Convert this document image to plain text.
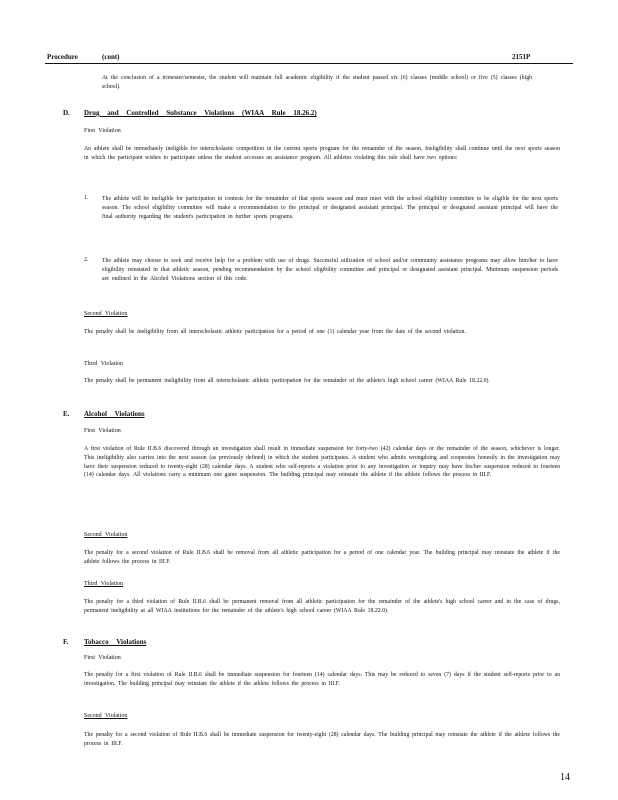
Procedure	(cont)	2151P

At the conclusion of a trimester/semester, the student will maintain full academic eligibility if the student passed six (6) classes (middle school) or five (5) classes (high school).

D. Drug and Controlled Substance Violations (WIAA Rule 18.26.2)
First Violation

An athlete shall be immediately ineligible for interscholastic competition in the current sports program for the remainder of the season. Ineligibility shall continue until the next sports season in which the participant wishes to participate unless the student accesses an assistance program. All athletes violating this rule shall have two options:

1. The athlete will be ineligible for participation in contests for the remainder of that sports season and must meet with the school eligibility committee to be eligible for the next sports season. The school eligibility committee will make a recommendation to the principal or designated assistant principal. The principal or designated assistant principal will have the final authority regarding the student's participation in further sports programs.

2. The athlete may choose to seek and receive help for a problem with use of drugs. Successful utilization of school and/or community assistance programs may allow him/her to have eligibility reinstated in that athletic season, pending recommendation by the school eligibility committee and principal or designated assistant principal. Minimum suspension periods are outlined in the Alcohol Violations section of this code.

Second Violation

The penalty shall be ineligibility from all interscholastic athletic participation for a period of one (1) calendar year from the date of the second violation.

Third Violation

The penalty shall be permanent ineligibility from all interscholastic athletic participation for the remainder of the athlete's high school career (WIAA Rule 18.22.0).

E. Alcohol Violations
First Violation

A first violation of Rule II.B.6 discovered through an investigation shall result in immediate suspension for forty-two (42) calendar days or the remainder of the season, whichever is longer. This ineligibility also carries into the next season (as previously defined) in which the student participates. A student who admits wrongdoing and cooperates honestly in the investigation may have their suspension reduced to twenty-eight (28) calendar days. A student who self-reports a violation prior to any investigation or inquiry may have his/her suspension reduced to fourteen (14) calendar days. All violations carry a minimum one game suspension. The building principal may reinstate the athlete if the athlete follows the process in III.F.

Second Violation

The penalty for a second violation of Rule II.B.6 shall be removal from all athletic participation for a period of one calendar year. The building principal may reinstate the athlete if the athlete follows the process in III.F.

Third Violation

The penalty for a third violation of Rule II.B.6 shall be permanent removal from all athletic participation for the remainder of the athlete's high school career and in the case of drugs, permanent ineligibility at all WIAA institutions for the remainder of the athlete's high school career (WIAA Rule 18.22.0).

F. Tobacco Violations
First Violation

The penalty for a first violation of Rule II.B.6 shall be immediate suspension for fourteen (14) calendar days. This may be reduced to seven (7) days if the student self-reports prior to an investigation. The building principal may reinstate the athlete if the athlete follows the process in III.F.

Second Violation

The penalty for a second violation of Rule II.B.6 shall be immediate suspension for twenty-eight (28) calendar days. The building principal may reinstate the athlete if the athlete follows the process in III.F.

14
